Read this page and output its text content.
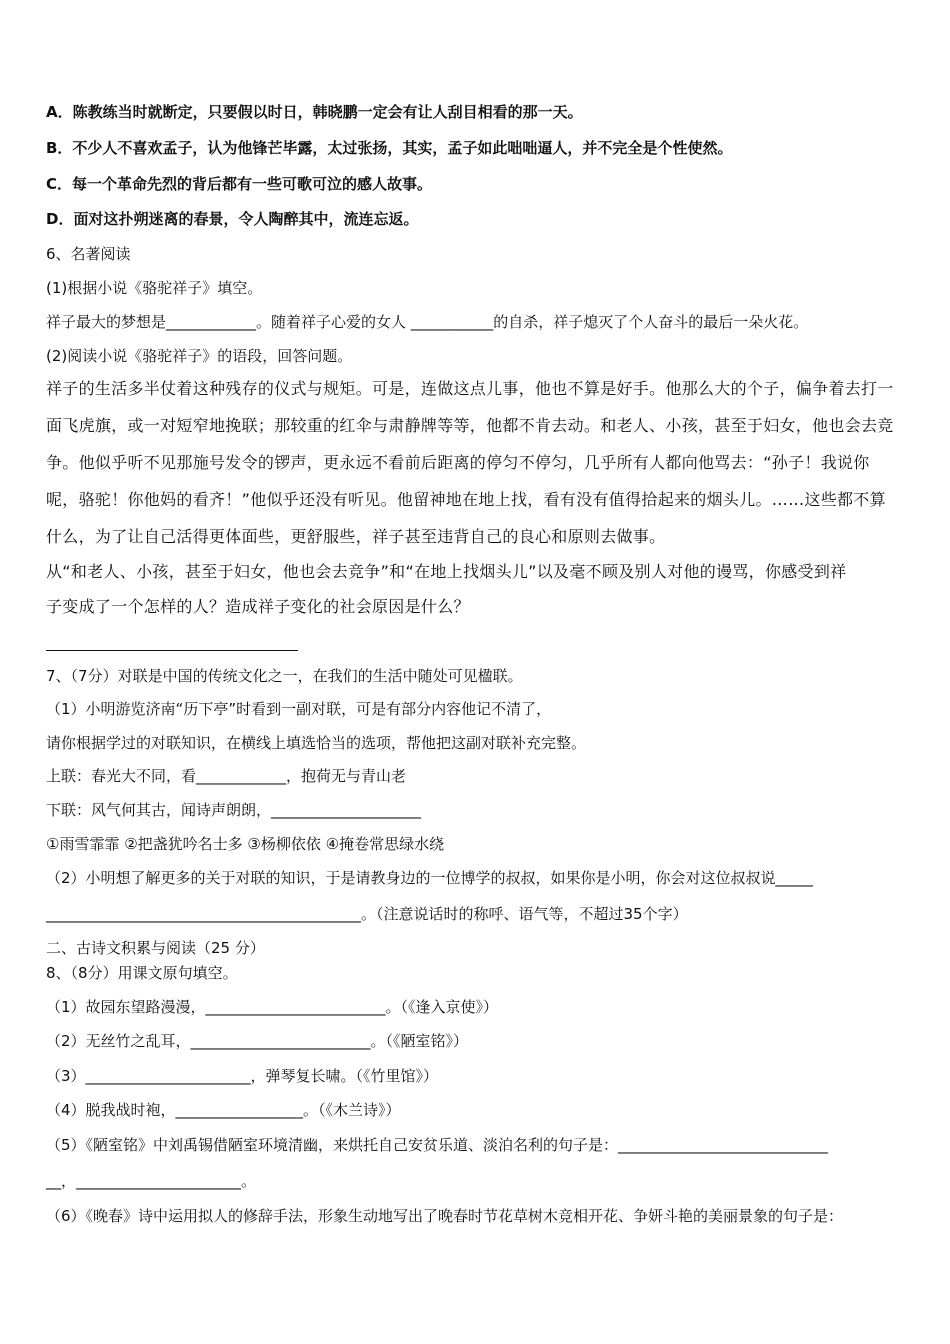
A．陈教练当时就断定，只要假以时日，韩晓鹏一定会有让人刮目相看的那一天。
B．不少人不喜欢孟子，认为他锋芒毕露，太过张扬，其实，孟子如此咄咄逼人，并不完全是个性使然。
C．每一个革命先烈的背后都有一些可歌可泣的感人故事。
D．面对这扑朔迷离的春景，令人陶醉其中，流连忘返。
6、名著阅读
(1)根据小说《骆驼祥子》填空。
祥子最大的梦想是____________。随着祥子心爱的女人 ___________的自杀，祥子熄灭了个人奋斗的最后一朵火花。
(2)阅读小说《骆驼祥子》的语段，回答问题。
祥子的生活多半仗着这种残存的仪式与规矩。可是，连做这点儿事，他也不算是好手。他那么大的个子，偏争着去打一
面飞虎旗，或一对短窄地挽联；那较重的红伞与肃静牌等等，他都不肯去动。和老人、小孩，甚至于妇女，他也会去竞
争。他似乎听不见那施号发令的锣声，更永远不看前后距离的停匀不停匀，几乎所有人都向他骂去：“孙子！我说你
呢，骆驼！你他妈的看齐！”他似乎还没有听见。他留神地在地上找，看有没有值得拾起来的烟头儿。……这些都不算
什么，为了让自己活得更体面些，更舒服些，祥子甚至违背自己的良心和原则去做事。
从“和老人、小孩，甚至于妇女，他也会去竞争”和“在地上找烟头儿”以及毫不顾及别人对他的谩骂，你感受到祥
子变成了一个怎样的人？造成祥子变化的社会原因是什么？
7、（7分）对联是中国的传统文化之一，在我们的生活中随处可见楹联。
（1）小明游览济南“历下亭”时看到一副对联，可是有部分内容他记不清了，
请你根据学过的对联知识，在横线上填选恰当的选项，帮他把这副对联补充完整。
上联：春光大不同，看____________，抱荷无与青山老
下联：风气何其古，闻诗声朗朗，____________________
①雨雪霏霏 ②把盏犹吟名士多 ③杨柳依依 ④掩卷常思绿水绕
（2）小明想了解更多的关于对联的知识，于是请教身边的一位博学的叔叔，如果你是小明，你会对这位叔叔说_____
__________________________________________。（注意说话时的称呼、语气等，不超过35个字）
二、古诗文积累与阅读（25 分）
8、（8分）用课文原句填空。
（1）故园东望路漫漫，________________________。（《逢入京使》）
（2）无丝竹之乱耳，________________________。（《陋室铭》）
（3）______________________，弹琴复长啸。（《竹里馆》）
（4）脱我战时袍，_________________。（《木兰诗》）
（5）《陋室铭》中刘禹锡借陋室环境清幽，来烘托自己安贫乐道、淡泊名利的句子是：____________________________
__，______________________。
（6）《晚春》诗中运用拟人的修辞手法，形象生动地写出了晚春时节花草树木竞相开花、争妍斗艳的美丽景象的句子是：
